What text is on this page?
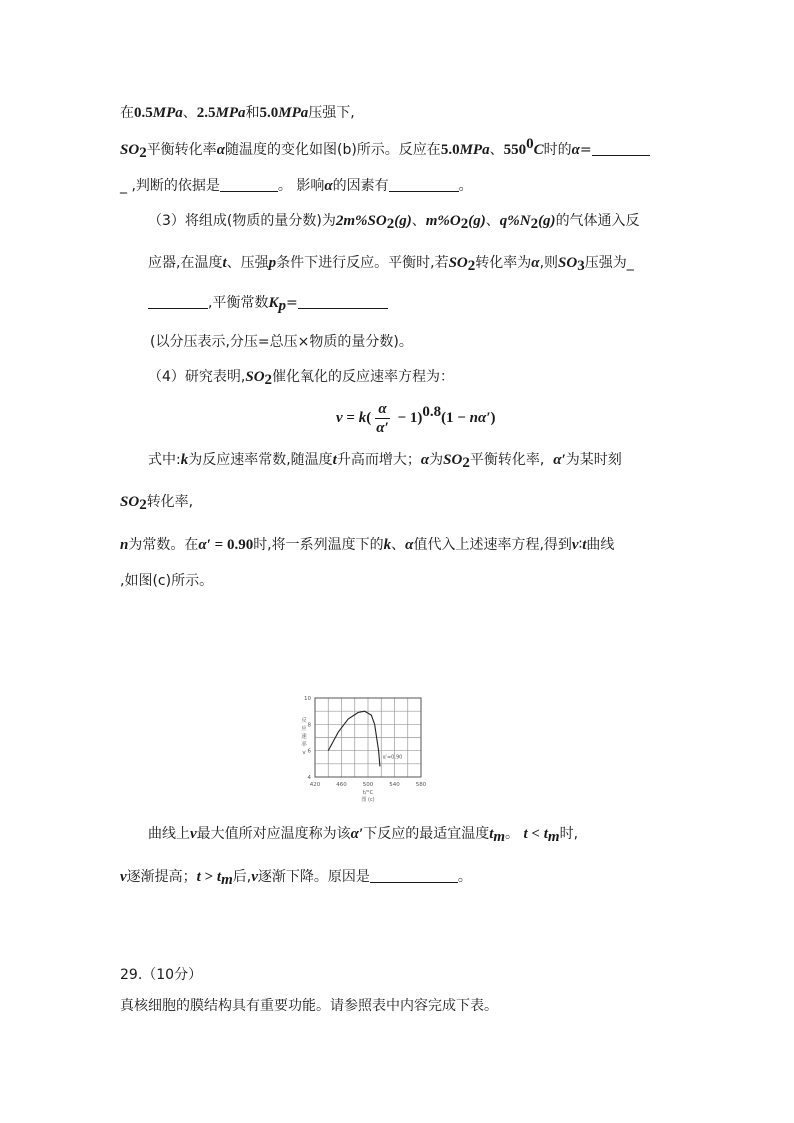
在0.5MPa、2.5MPa和5.0MPa压强下,
$SO_2$平衡转化率α随温度的变化如图(b)所示。反应在5.0MPa、$550^0C$时的α=
_ ,判断的依据是	。 影响α的因素有	。
（3）将组成(物质的量分数)为$2m\%SO_2(g)$、$m\%O_2(g)$、$q\%N_2(g)$的气体通入反
应器,在温度t、压强p条件下进行反应。平衡时,若$SO_2$转化率为α,则$SO_3$压强为_
,平衡常数$K_p=$
(以分压表示,分压=总压×物质的量分数)。
（4）研究表明$,SO_2$催化氧化的反应速率方程为：
$v = k( \frac{\alpha}{\alpha'} - 1)^{0.8}(1 - n\alpha')$
式中:k为反应速率常数,随温度t升高而增大；α为$SO_2$平衡转化率, α′为某时刻
$SO_2$转化率,
n为常数。在α′ = 0.90时,将一系列温度下的k、α值代入上述速率方程,得到v∶t曲线
,如图(c)所示。
420	460	500	540	580
4
6
8
10
t/°C
图 (c)
反
应
速
率
v
α′=0.90
曲线上v最大值所对应温度称为该α′下反应的最适宜温度$t_m$。 $t < t_m$时,
v逐渐提高；$t > t_m$后,v逐渐下降。原因是	。
29.（10分）
真核细胞的膜结构具有重要功能。请参照表中内容完成下表。
